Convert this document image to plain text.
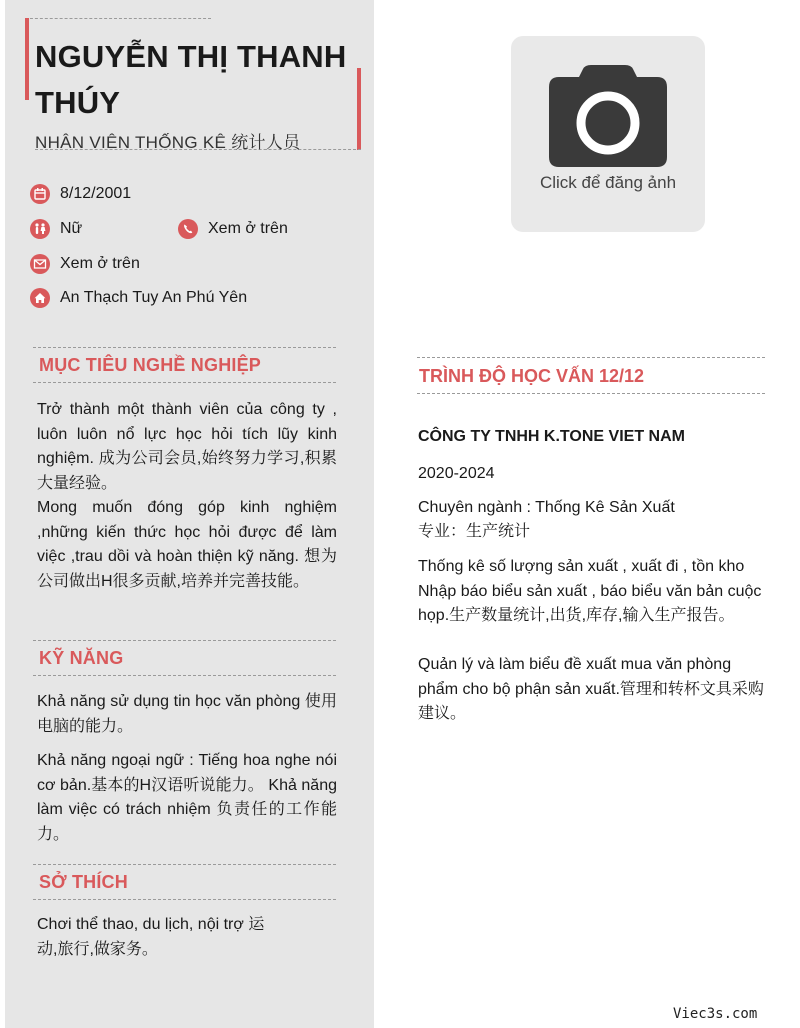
NGUYỄN THỊ THANH THÚY
NHÂN VIÊN THỐNG KÊ 统计人员
8/12/2001
Nữ	Xem ở trên
Xem ở trên
An Thạch Tuy An Phú Yên
MỤC TIÊU NGHỀ NGHIỆP
Trở thành một thành viên của công ty , luôn luôn nổ lực học hỏi tích lũy kinh nghiệm. 成为公司会员,始终努力学习,积累大量经验。
Mong muốn đóng góp kinh nghiệm ,những kiến thức học hỏi được để làm việc ,trau dồi và hoàn thiện kỹ năng. 想为公司做出H很多贡献,培养并完善技能。
KỸ NĂNG
Khả năng sử dụng tin học văn phòng 使用电脑的能力。
Khả năng ngoại ngữ : Tiếng hoa nghe nói cơ bản.基本的H汉语听说能力。 Khả năng làm việc có trách nhiệm 负责任的工作能力。
SỞ THÍCH
Chơi thể thao, du lịch, nội trợ 运动,旅行,做家务。
Click để đăng ảnh
TRÌNH ĐỘ HỌC VẤN 12/12
CÔNG TY TNHH K.TONE VIET NAM
2020-2024
Chuyên ngành : Thống Kê Sản Xuất
专业：生产统计
Thống kê số lượng sản xuất , xuất đi , tồn kho Nhập báo biểu sản xuất , báo biểu văn bản cuộc họp.生产数量统计,出货,库存,输入生产报告。
Quản lý và làm biểu đề xuất mua văn phòng phẩm cho bộ phận sản xuất.管理和转杯文具采购建议。
Viec3s.com
